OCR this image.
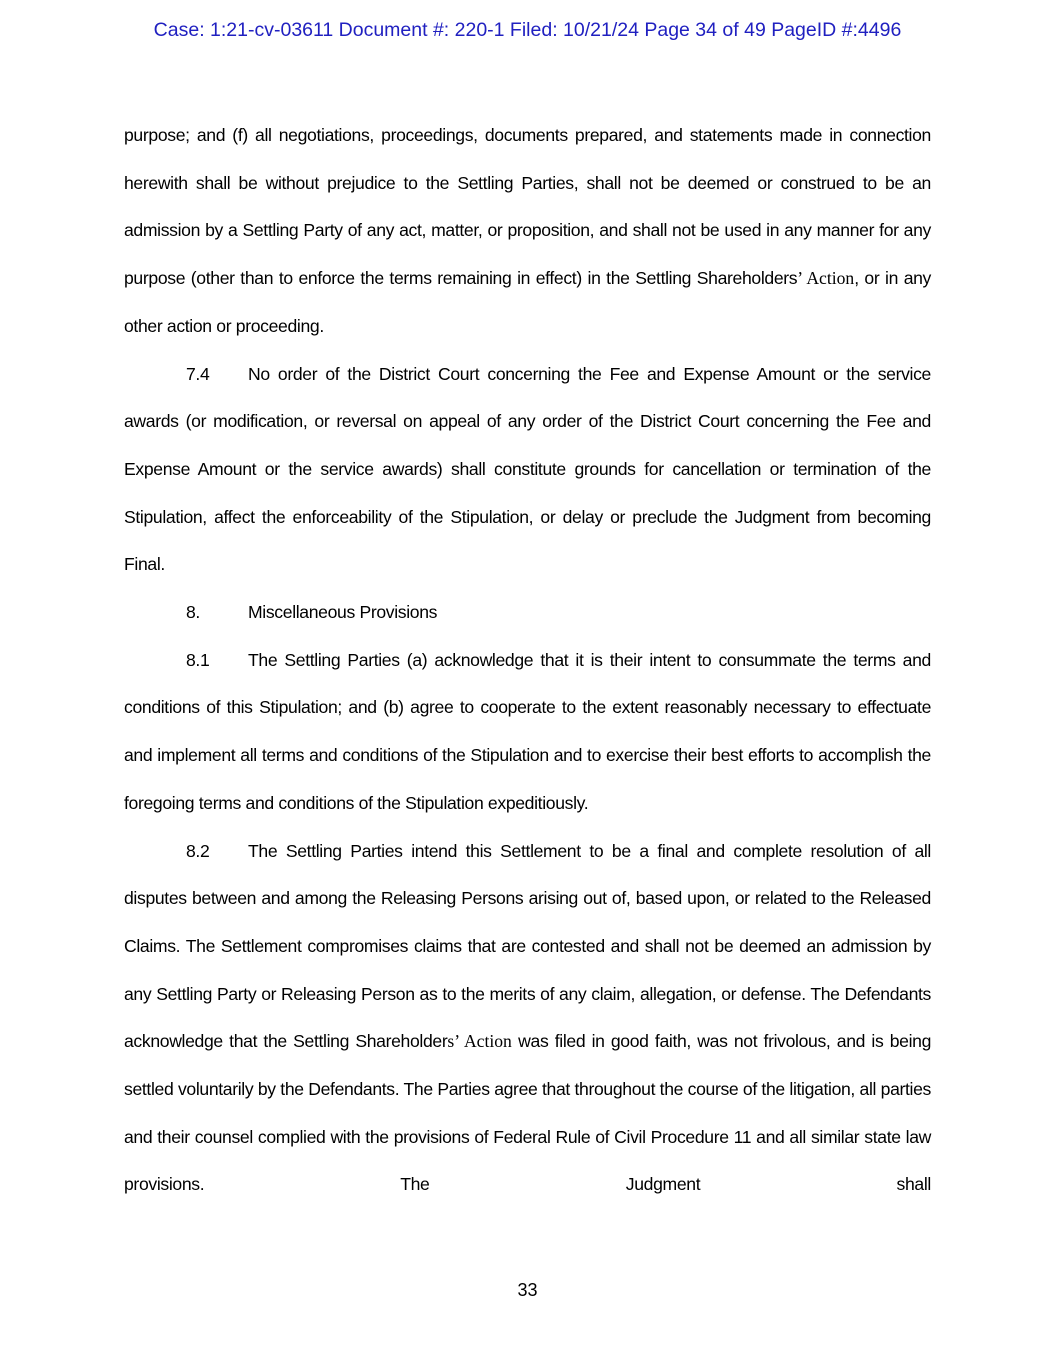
Case: 1:21-cv-03611 Document #: 220-1 Filed: 10/21/24 Page 34 of 49 PageID #:4496

purpose; and (f) all negotiations, proceedings, documents prepared, and statements made in connection herewith shall be without prejudice to the Settling Parties, shall not be deemed or construed to be an admission by a Settling Party of any act, matter, or proposition, and shall not be used in any manner for any purpose (other than to enforce the terms remaining in effect) in the Settling Shareholders’ Action, or in any other action or proceeding.

7.4 No order of the District Court concerning the Fee and Expense Amount or the service awards (or modification, or reversal on appeal of any order of the District Court concerning the Fee and Expense Amount or the service awards) shall constitute grounds for cancellation or termination of the Stipulation, affect the enforceability of the Stipulation, or delay or preclude the Judgment from becoming Final.

8.	Miscellaneous Provisions

8.1 The Settling Parties (a) acknowledge that it is their intent to consummate the terms and conditions of this Stipulation; and (b) agree to cooperate to the extent reasonably necessary to effectuate and implement all terms and conditions of the Stipulation and to exercise their best efforts to accomplish the foregoing terms and conditions of the Stipulation expeditiously.

8.2 The Settling Parties intend this Settlement to be a final and complete resolution of all disputes between and among the Releasing Persons arising out of, based upon, or related to the Released Claims. The Settlement compromises claims that are contested and shall not be deemed an admission by any Settling Party or Releasing Person as to the merits of any claim, allegation, or defense. The Defendants acknowledge that the Settling Shareholders’ Action was filed in good faith, was not frivolous, and is being settled voluntarily by the Defendants. The Parties agree that throughout the course of the litigation, all parties and their counsel complied with the provisions of Federal Rule of Civil Procedure 11 and all similar state law provisions. The Judgment shall

33
